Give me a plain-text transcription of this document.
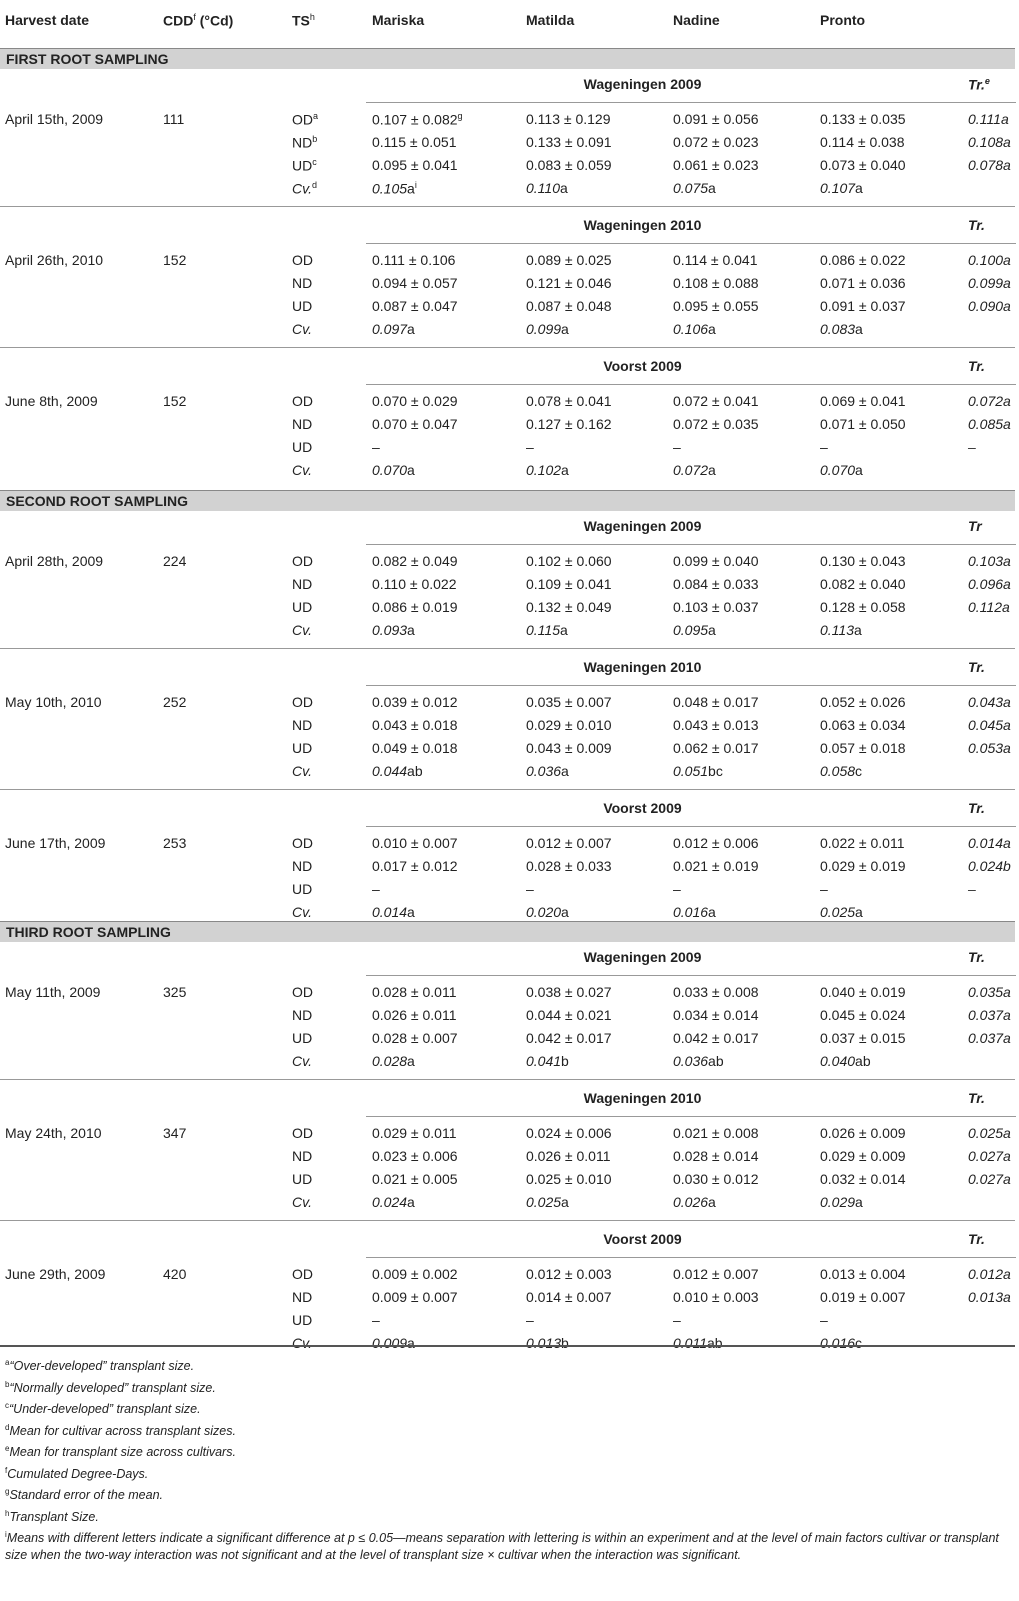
Harvest date	CDD$^f$ (°Cd)	$TS^h$	Mariska	Matilda	Nadine	Pronto
FIRST ROOT SAMPLING
Wageningen 2009	Tr.$^e$
April 15th, 2009	111	$OD^a$	0.107 ± 0.082$^g$	0.113 ± 0.129	0.091 ± 0.056	0.133 ± 0.035	0.111a
$ND^b$	0.115 ± 0.051	0.133 ± 0.091	0.072 ± 0.023	0.114 ± 0.038	0.108a
$UD^c$	0.095 ± 0.041	0.083 ± 0.059	0.061 ± 0.023	0.073 ± 0.040	0.078a
Cv.$^d$	$0.105a^i$	0.110a	0.075a	0.107a
Wageningen 2010	Tr.
April 26th, 2010	152	OD	0.111 ± 0.106	0.089 ± 0.025	0.114 ± 0.041	0.086 ± 0.022	0.100a
ND	0.094 ± 0.057	0.121 ± 0.046	0.108 ± 0.088	0.071 ± 0.036	0.099a
UD	0.087 ± 0.047	0.087 ± 0.048	0.095 ± 0.055	0.091 ± 0.037	0.090a
Cv.	0.097a	0.099a	0.106a	0.083a
Voorst 2009	Tr.
June 8th, 2009	152	OD	0.070 ± 0.029	0.078 ± 0.041	0.072 ± 0.041	0.069 ± 0.041	0.072a
ND	0.070 ± 0.047	0.127 ± 0.162	0.072 ± 0.035	0.071 ± 0.050	0.085a
UD	–	–	–	–	–
Cv.	0.070a	0.102a	0.072a	0.070a
SECOND ROOT SAMPLING
Wageningen 2009	Tr
April 28th, 2009	224	OD	0.082 ± 0.049	0.102 ± 0.060	0.099 ± 0.040	0.130 ± 0.043	0.103a
ND	0.110 ± 0.022	0.109 ± 0.041	0.084 ± 0.033	0.082 ± 0.040	0.096a
UD	0.086 ± 0.019	0.132 ± 0.049	0.103 ± 0.037	0.128 ± 0.058	0.112a
Cv.	0.093a	0.115a	0.095a	0.113a
Wageningen 2010	Tr.
May 10th, 2010	252	OD	0.039 ± 0.012	0.035 ± 0.007	0.048 ± 0.017	0.052 ± 0.026	0.043a
ND	0.043 ± 0.018	0.029 ± 0.010	0.043 ± 0.013	0.063 ± 0.034	0.045a
UD	0.049 ± 0.018	0.043 ± 0.009	0.062 ± 0.017	0.057 ± 0.018	0.053a
Cv.	0.044ab	0.036a	0.051bc	0.058c
Voorst 2009	Tr.
June 17th, 2009	253	OD	0.010 ± 0.007	0.012 ± 0.007	0.012 ± 0.006	0.022 ± 0.011	0.014a
ND	0.017 ± 0.012	0.028 ± 0.033	0.021 ± 0.019	0.029 ± 0.019	0.024b
UD	–	–	–	–	–
Cv.	0.014a	0.020a	0.016a	0.025a
THIRD ROOT SAMPLING
Wageningen 2009	Tr.
May 11th, 2009	325	OD	0.028 ± 0.011	0.038 ± 0.027	0.033 ± 0.008	0.040 ± 0.019	0.035a
ND	0.026 ± 0.011	0.044 ± 0.021	0.034 ± 0.014	0.045 ± 0.024	0.037a
UD	0.028 ± 0.007	0.042 ± 0.017	0.042 ± 0.017	0.037 ± 0.015	0.037a
Cv.	0.028a	0.041b	0.036ab	0.040ab
Wageningen 2010	Tr.
May 24th, 2010	347	OD	0.029 ± 0.011	0.024 ± 0.006	0.021 ± 0.008	0.026 ± 0.009	0.025a
ND	0.023 ± 0.006	0.026 ± 0.011	0.028 ± 0.014	0.029 ± 0.009	0.027a
UD	0.021 ± 0.005	0.025 ± 0.010	0.030 ± 0.012	0.032 ± 0.014	0.027a
Cv.	0.024a	0.025a	0.026a	0.029a
Voorst 2009	Tr.
June 29th, 2009	420	OD	0.009 ± 0.002	0.012 ± 0.003	0.012 ± 0.007	0.013 ± 0.004	0.012a
ND	0.009 ± 0.007	0.014 ± 0.007	0.010 ± 0.003	0.019 ± 0.007	0.013a
UD	–	–	–	–
Cv.	0.009a	0.013b	0.011ab	0.016c
$^a$“Over-developed” transplant size.
$^b$“Normally developed” transplant size.
$^c$“Under-developed” transplant size.
$^d$Mean for cultivar across transplant sizes.
$^e$Mean for transplant size across cultivars.
$^f$Cumulated Degree-Days.
$^g$Standard error of the mean.
$^h$Transplant Size.
$^i$Means with different letters indicate a significant difference at p ≤ 0.05—means separation with lettering is within an experiment and at the level of main factors cultivar or transplant size when the two-way interaction was not significant and at the level of transplant size × cultivar when the interaction was significant.
